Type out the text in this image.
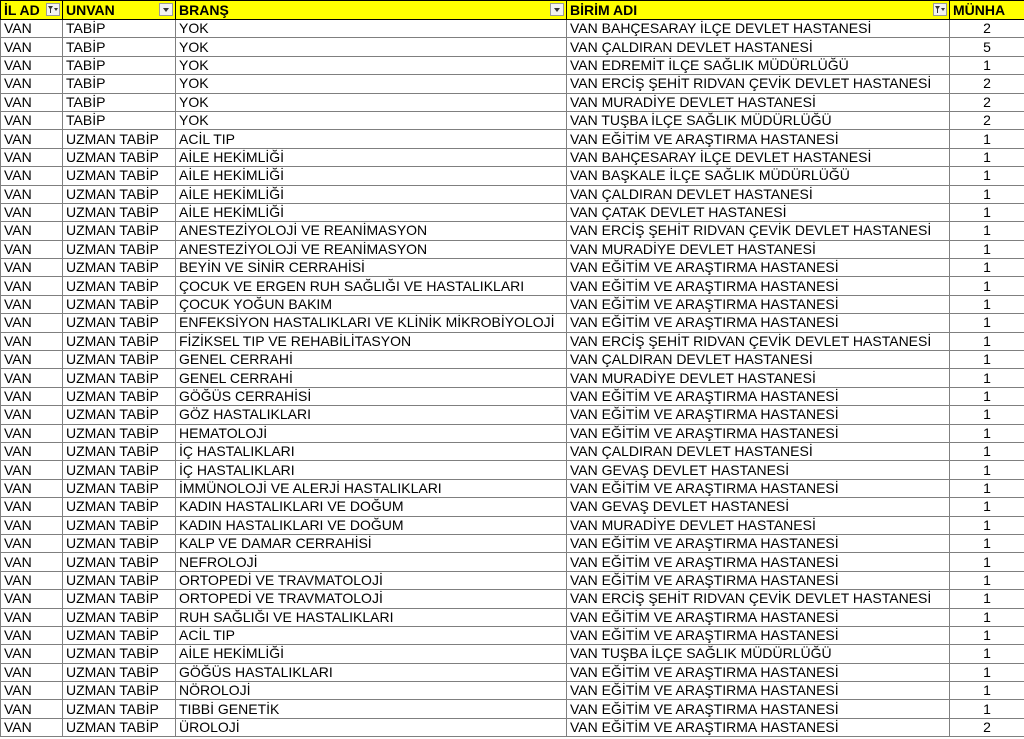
İL AD	UNVAN	BRANŞ	BİRİM ADI	MÜNHA
VAN	TABİP	YOK	VAN BAHÇESARAY İLÇE DEVLET HASTANESİ	2
VAN	TABİP	YOK	VAN ÇALDIRAN DEVLET HASTANESİ	5
VAN	TABİP	YOK	VAN EDREMİT İLÇE SAĞLIK MÜDÜRLÜĞÜ	1
VAN	TABİP	YOK	VAN ERCİŞ ŞEHİT RIDVAN ÇEVİK DEVLET HASTANESİ	2
VAN	TABİP	YOK	VAN MURADİYE DEVLET HASTANESİ	2
VAN	TABİP	YOK	VAN TUŞBA İLÇE SAĞLIK MÜDÜRLÜĞÜ	2
VAN	UZMAN TABİP	ACİL TIP	VAN EĞİTİM VE ARAŞTIRMA HASTANESİ	1
VAN	UZMAN TABİP	AİLE HEKİMLİĞİ	VAN BAHÇESARAY İLÇE DEVLET HASTANESİ	1
VAN	UZMAN TABİP	AİLE HEKİMLİĞİ	VAN BAŞKALE İLÇE SAĞLIK MÜDÜRLÜĞÜ	1
VAN	UZMAN TABİP	AİLE HEKİMLİĞİ	VAN ÇALDIRAN DEVLET HASTANESİ	1
VAN	UZMAN TABİP	AİLE HEKİMLİĞİ	VAN ÇATAK DEVLET HASTANESİ	1
VAN	UZMAN TABİP	ANESTEZİYOLOJİ VE REANİMASYON	VAN ERCİŞ ŞEHİT RIDVAN ÇEVİK DEVLET HASTANESİ	1
VAN	UZMAN TABİP	ANESTEZİYOLOJİ VE REANİMASYON	VAN MURADİYE DEVLET HASTANESİ	1
VAN	UZMAN TABİP	BEYİN VE SİNİR CERRAHİSİ	VAN EĞİTİM VE ARAŞTIRMA HASTANESİ	1
VAN	UZMAN TABİP	ÇOCUK VE ERGEN RUH SAĞLIĞI VE HASTALIKLARI	VAN EĞİTİM VE ARAŞTIRMA HASTANESİ	1
VAN	UZMAN TABİP	ÇOCUK YOĞUN BAKIM	VAN EĞİTİM VE ARAŞTIRMA HASTANESİ	1
VAN	UZMAN TABİP	ENFEKSİYON HASTALIKLARI VE KLİNİK MİKROBİYOLOJİ	VAN EĞİTİM VE ARAŞTIRMA HASTANESİ	1
VAN	UZMAN TABİP	FİZİKSEL TIP VE REHABİLİTASYON	VAN ERCİŞ ŞEHİT RIDVAN ÇEVİK DEVLET HASTANESİ	1
VAN	UZMAN TABİP	GENEL CERRAHİ	VAN ÇALDIRAN DEVLET HASTANESİ	1
VAN	UZMAN TABİP	GENEL CERRAHİ	VAN MURADİYE DEVLET HASTANESİ	1
VAN	UZMAN TABİP	GÖĞÜS CERRAHİSİ	VAN EĞİTİM VE ARAŞTIRMA HASTANESİ	1
VAN	UZMAN TABİP	GÖZ HASTALIKLARI	VAN EĞİTİM VE ARAŞTIRMA HASTANESİ	1
VAN	UZMAN TABİP	HEMATOLOJİ	VAN EĞİTİM VE ARAŞTIRMA HASTANESİ	1
VAN	UZMAN TABİP	İÇ HASTALIKLARI	VAN ÇALDIRAN DEVLET HASTANESİ	1
VAN	UZMAN TABİP	İÇ HASTALIKLARI	VAN GEVAŞ DEVLET HASTANESİ	1
VAN	UZMAN TABİP	İMMÜNOLOJİ VE ALERJİ HASTALIKLARI	VAN EĞİTİM VE ARAŞTIRMA HASTANESİ	1
VAN	UZMAN TABİP	KADIN HASTALIKLARI VE DOĞUM	VAN GEVAŞ DEVLET HASTANESİ	1
VAN	UZMAN TABİP	KADIN HASTALIKLARI VE DOĞUM	VAN MURADİYE DEVLET HASTANESİ	1
VAN	UZMAN TABİP	KALP VE DAMAR CERRAHİSİ	VAN EĞİTİM VE ARAŞTIRMA HASTANESİ	1
VAN	UZMAN TABİP	NEFROLOJİ	VAN EĞİTİM VE ARAŞTIRMA HASTANESİ	1
VAN	UZMAN TABİP	ORTOPEDİ VE TRAVMATOLOJİ	VAN EĞİTİM VE ARAŞTIRMA HASTANESİ	1
VAN	UZMAN TABİP	ORTOPEDİ VE TRAVMATOLOJİ	VAN ERCİŞ ŞEHİT RIDVAN ÇEVİK DEVLET HASTANESİ	1
VAN	UZMAN TABİP	RUH SAĞLIĞI VE HASTALIKLARI	VAN EĞİTİM VE ARAŞTIRMA HASTANESİ	1
VAN	UZMAN TABİP	ACİL TIP	VAN EĞİTİM VE ARAŞTIRMA HASTANESİ	1
VAN	UZMAN TABİP	AİLE HEKİMLİĞİ	VAN TUŞBA İLÇE SAĞLIK MÜDÜRLÜĞÜ	1
VAN	UZMAN TABİP	GÖĞÜS HASTALIKLARI	VAN EĞİTİM VE ARAŞTIRMA HASTANESİ	1
VAN	UZMAN TABİP	NÖROLOJİ	VAN EĞİTİM VE ARAŞTIRMA HASTANESİ	1
VAN	UZMAN TABİP	TIBBİ GENETİK	VAN EĞİTİM VE ARAŞTIRMA HASTANESİ	1
VAN	UZMAN TABİP	ÜROLOJİ	VAN EĞİTİM VE ARAŞTIRMA HASTANESİ	2
